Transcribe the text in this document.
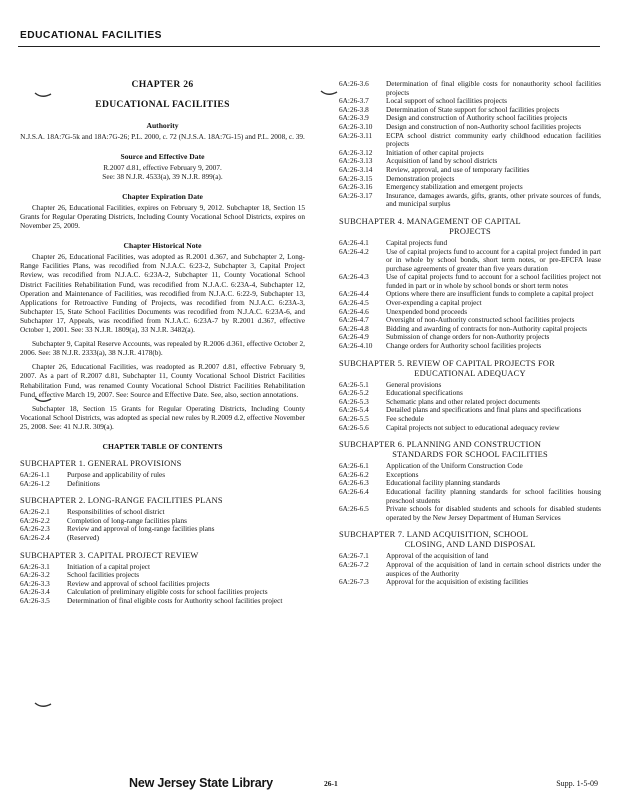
EDUCATIONAL FACILITIES
CHAPTER 26
EDUCATIONAL FACILITIES
Authority
N.J.S.A. 18A:7G-5k and 18A:7G-26; P.L. 2000, c. 72 (N.J.S.A. 18A:7G-15) and P.L. 2008, c. 39.
Source and Effective Date
R.2007 d.81, effective February 9, 2007.
See: 38 N.J.R. 4533(a), 39 N.J.R. 899(a).
Chapter Expiration Date
Chapter 26, Educational Facilities, expires on February 9, 2012. Subchapter 18, Section 15 Grants for Regular Operating Districts, Including County Vocational School Districts, expires on November 25, 2009.
Chapter Historical Note
Chapter 26, Educational Facilities, was adopted as R.2001 d.367, and Subchapter 2, Long-Range Facilities Plans, was recodified from N.J.A.C. 6:23-2, Subchapter 3, Capital Project Review, was recodified from N.J.A.C. 6:23A-2, Subchapter 11, County Vocational School District Facilities Rehabilitation Fund, was recodified from N.J.A.C. 6:23A-4, Subchapter 12, Operation and Maintenance of Facilities, was recodified from N.J.A.C. 6:22-9, Subchapter 13, Applications for Retroactive Funding of Projects, was recodified from N.J.A.C. 6:23A-3, Subchapter 15, State School Facilities Documents was recodified from N.J.A.C. 6:23A-6, and Subchapter 17, Appeals, was recodified from N.J.A.C. 6:23A-7 by R.2001 d.367, effective October 1, 2001. See: 33 N.J.R. 1809(a), 33 N.J.R. 3482(a).
Subchapter 9, Capital Reserve Accounts, was repealed by R.2006 d.361, effective October 2, 2006. See: 38 N.J.R. 2333(a), 38 N.J.R. 4178(b).
Chapter 26, Educational Facilities, was readopted as R.2007 d.81, effective February 9, 2007. As a part of R.2007 d.81, Subchapter 11, County Vocational School District Facilities Rehabilitation Fund, was renamed County Vocational School District Facilities Rehabilitation Fund, effective March 19, 2007. See: Source and Effective Date. See, also, section annotations.
Subchapter 18, Section 15 Grants for Regular Operating Districts, Including County Vocational School Districts, was adopted as special new rules by R.2009 d.2, effective November 25, 2008. See: 41 N.J.R. 309(a).
CHAPTER TABLE OF CONTENTS
SUBCHAPTER 1. GENERAL PROVISIONS
6A:26-1.1	Purpose and applicability of rules
6A:26-1.2	Definitions
SUBCHAPTER 2. LONG-RANGE FACILITIES PLANS
6A:26-2.1	Responsibilities of school district
6A:26-2.2	Completion of long-range facilities plans
6A:26-2.3	Review and approval of long-range facilities plans
6A:26-2.4	(Reserved)
SUBCHAPTER 3. CAPITAL PROJECT REVIEW
6A:26-3.1	Initiation of a capital project
6A:26-3.2	School facilities projects
6A:26-3.3	Review and approval of school facilities projects
6A:26-3.4	Calculation of preliminary eligible costs for school facilities projects
6A:26-3.5	Determination of final eligible costs for Authority school facilities project
6A:26-3.6	Determination of final eligible costs for nonauthority school facilities projects
6A:26-3.7	Local support of school facilities projects
6A:26-3.8	Determination of State support for school facilities projects
6A:26-3.9	Design and construction of Authority school facilities projects
6A:26-3.10	Design and construction of non-Authority school facilities projects
6A:26-3.11	ECPA school district community early childhood education facilities projects
6A:26-3.12	Initiation of other capital projects
6A:26-3.13	Acquisition of land by school districts
6A:26-3.14	Review, approval, and use of temporary facilities
6A:26-3.15	Demonstration projects
6A:26-3.16	Emergency stabilization and emergent projects
6A:26-3.17	Insurance, damages awards, gifts, grants, other private sources of funds, and municipal surplus
SUBCHAPTER 4. MANAGEMENT OF CAPITAL
PROJECTS
6A:26-4.1	Capital projects fund
6A:26-4.2	Use of capital projects fund to account for a capital project funded in part or in whole by school bonds, short term notes, or pre-EFCFA lease purchase agreements of greater than five years duration
6A:26-4.3	Use of capital projects fund to account for a school facilities project not funded in part or in whole by school bonds or short term notes
6A:26-4.4	Options where there are insufficient funds to complete a capital project
6A:26-4.5	Over-expending a capital project
6A:26-4.6	Unexpended bond proceeds
6A:26-4.7	Oversight of non-Authority constructed school facilities projects
6A:26-4.8	Bidding and awarding of contracts for non-Authority capital projects
6A:26-4.9	Submission of change orders for non-Authority projects
6A:26-4.10	Change orders for Authority school facilities projects
SUBCHAPTER 5. REVIEW OF CAPITAL PROJECTS FOR
EDUCATIONAL ADEQUACY
6A:26-5.1	General provisions
6A:26-5.2	Educational specifications
6A:26-5.3	Schematic plans and other related project documents
6A:26-5.4	Detailed plans and specifications and final plans and specifications
6A:26-5.5	Fee schedule
6A:26-5.6	Capital projects not subject to educational adequacy review
SUBCHAPTER 6. PLANNING AND CONSTRUCTION
STANDARDS FOR SCHOOL FACILITIES
6A:26-6.1	Application of the Uniform Construction Code
6A:26-6.2	Exceptions
6A:26-6.3	Educational facility planning standards
6A:26-6.4	Educational facility planning standards for school facilities housing preschool students
6A:26-6.5	Private schools for disabled students and schools for disabled students operated by the New Jersey Department of Human Services
SUBCHAPTER 7. LAND ACQUISITION, SCHOOL
CLOSING, AND LAND DISPOSAL
6A:26-7.1	Approval of the acquisition of land
6A:26-7.2	Approval of the acquisition of land in certain school districts under the auspices of the Authority
6A:26-7.3	Approval for the acquisition of existing facilities
New Jersey State Library	26-1	Supp. 1-5-09
